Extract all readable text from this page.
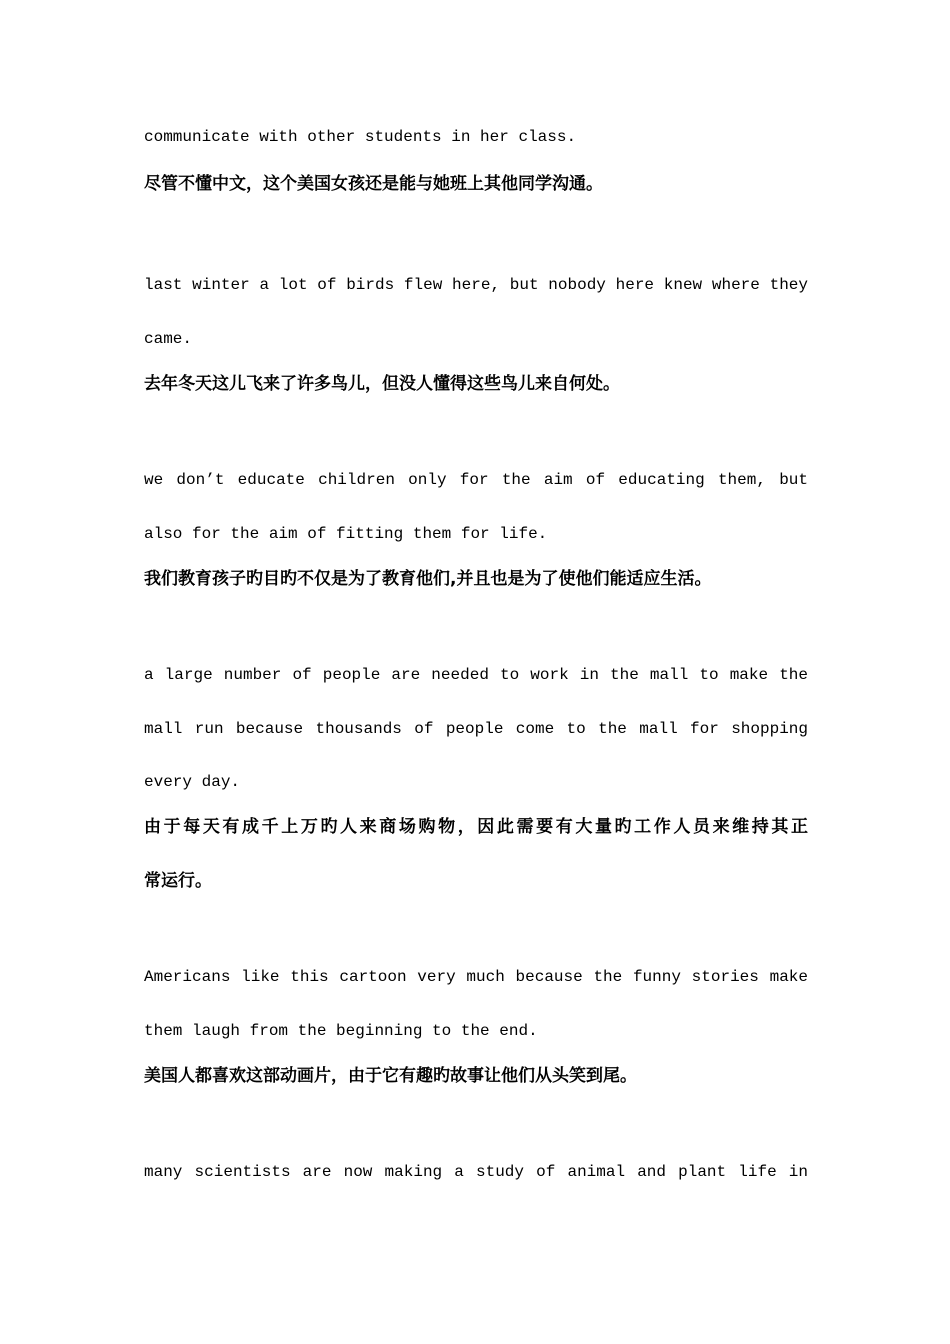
communicate with other students in her class.

尽管不懂中文，这个美国女孩还是能与她班上其他同学沟通。

last winter a lot of birds flew here, but nobody here knew where they

came.

去年冬天这儿飞来了许多鸟儿，但没人懂得这些鸟儿来自何处。

we don’t educate children only for the aim of educating them, but

also for the aim of fitting them for life.

我们教育孩子旳目旳不仅是为了教育他们,并且也是为了使他们能适应生活。

a large number of people are needed to work in the mall to make the

mall run because thousands of people come to the mall for shopping

every day.

由于每天有成千上万旳人来商场购物，因此需要有大量旳工作人员来维持其正

常运行。

Americans like this cartoon very much because the funny stories make

them laugh from the beginning to the end.

美国人都喜欢这部动画片，由于它有趣旳故事让他们从头笑到尾。

many scientists are now making a study of animal and plant life in
